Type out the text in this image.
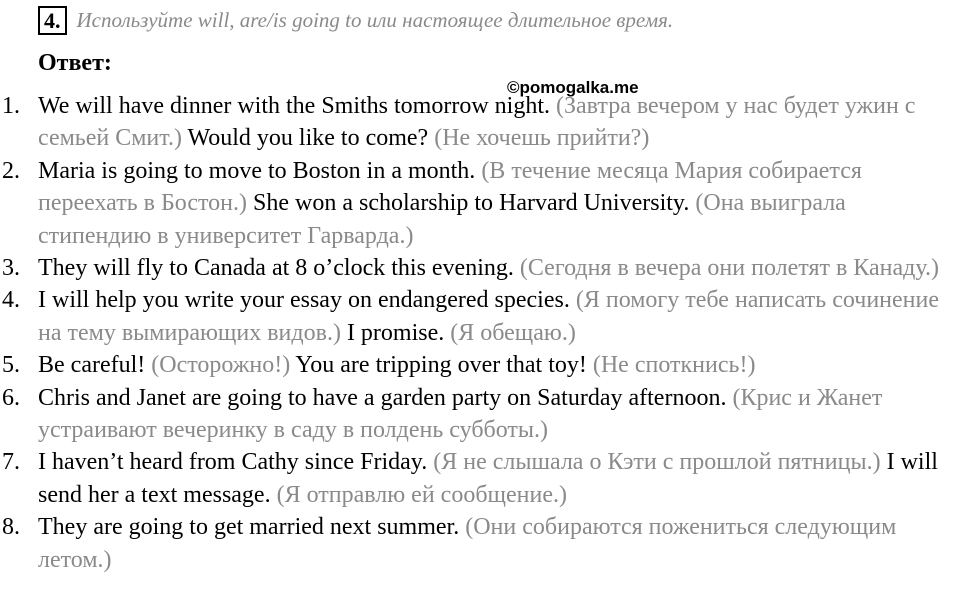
4. Используйте will, are/is going to или настоящее длительное время.
Ответ:
©pomogalka.me
1. We will have dinner with the Smiths tomorrow night. (Завтра вечером у нас будет ужин с семьей Смит.) Would you like to come? (Не хочешь прийти?)
2. Maria is going to move to Boston in a month. (В течение месяца Мария собирается переехать в Бостон.) She won a scholarship to Harvard University. (Она выиграла стипендию в университет Гарварда.)
3. They will fly to Canada at 8 o’clock this evening. (Сегодня в вечера они полетят в Канаду.)
4. I will help you write your essay on endangered species. (Я помогу тебе написать сочинение на тему вымирающих видов.) I promise. (Я обещаю.)
5. Be careful! (Осторожно!) You are tripping over that toy! (Не споткнись!)
6. Chris and Janet are going to have a garden party on Saturday afternoon. (Крис и Жанет устраивают вечеринку в саду в полдень субботы.)
7. I haven’t heard from Cathy since Friday. (Я не слышала о Кэти с прошлой пятницы.) I will send her a text message. (Я отправлю ей сообщение.)
8. They are going to get married next summer. (Они собираются пожениться следующим летом.)
